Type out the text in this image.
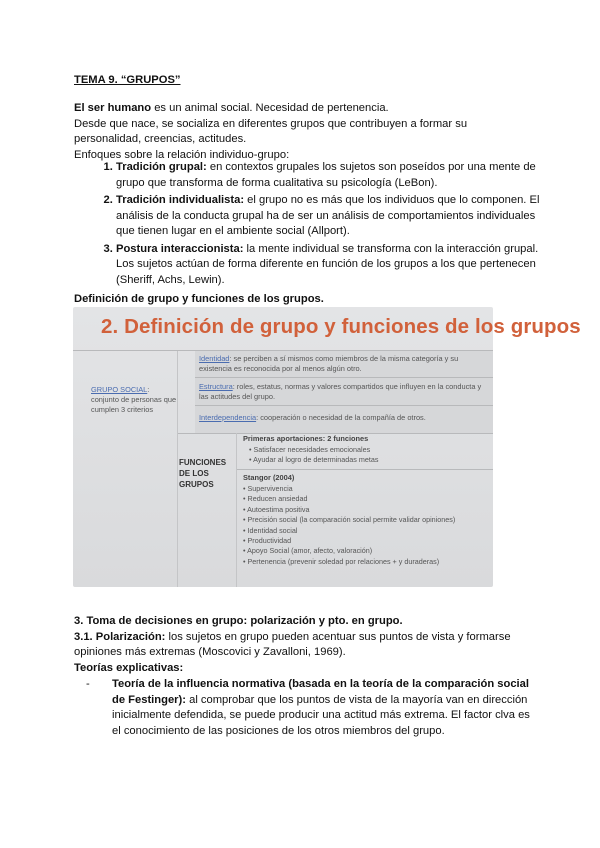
TEMA 9. “GRUPOS”
El ser humano es un animal social. Necesidad de pertenencia.
Desde que nace, se socializa en diferentes grupos que contribuyen a formar su personalidad, creencias, actitudes.
Enfoques sobre la relación individuo-grupo:
1. Tradición grupal: en contextos grupales los sujetos son poseídos por una mente de grupo que transforma de forma cualitativa su psicología (LeBon).
2. Tradición individualista: el grupo no es más que los individuos que lo componen. El análisis de la conducta grupal ha de ser un análisis de comportamientos individuales que tienen lugar en el ambiente social (Allport).
3. Postura interaccionista: la mente individual se transforma con la interacción grupal. Los sujetos actúan de forma diferente en función de los grupos a los que pertenecen (Sheriff, Achs, Lewin).
Definición de grupo y funciones de los grupos.
2. Definición de grupo y funciones de los grupos
GRUPO SOCIAL: conjunto de personas que cumplen 3 criterios
Identidad: se perciben a sí mismos como miembros de la misma categoría y su existencia es reconocida por al menos algún otro.
Estructura: roles, estatus, normas y valores compartidos que influyen en la conducta y las actitudes del grupo.
Interdependencia: cooperación o necesidad de la compañía de otros.
FUNCIONES DE LOS GRUPOS
Primeras aportaciones: 2 funciones
• Satisfacer necesidades emocionales
• Ayudar al logro de determinadas metas
Stangor (2004)
• Supervivencia
• Reducen ansiedad
• Autoestima positiva
• Precisión social (la comparación social permite validar opiniones)
• Identidad social
• Productividad
• Apoyo Social (amor, afecto, valoración)
• Pertenencia (prevenir soledad por relaciones + y duraderas)
3. Toma de decisiones en grupo: polarización y pto. en grupo.
3.1. Polarización: los sujetos en grupo pueden acentuar sus puntos de vista y formarse opiniones más extremas (Moscovici y Zavalloni, 1969).
Teorías explicativas:
- Teoría de la influencia normativa (basada en la teoría de la comparación social de Festinger): al comprobar que los puntos de vista de la mayoría van en dirección inicialmente defendida, se puede producir una actitud más extrema. El factor clva es el conocimiento de las posiciones de los otros miembros del grupo.
